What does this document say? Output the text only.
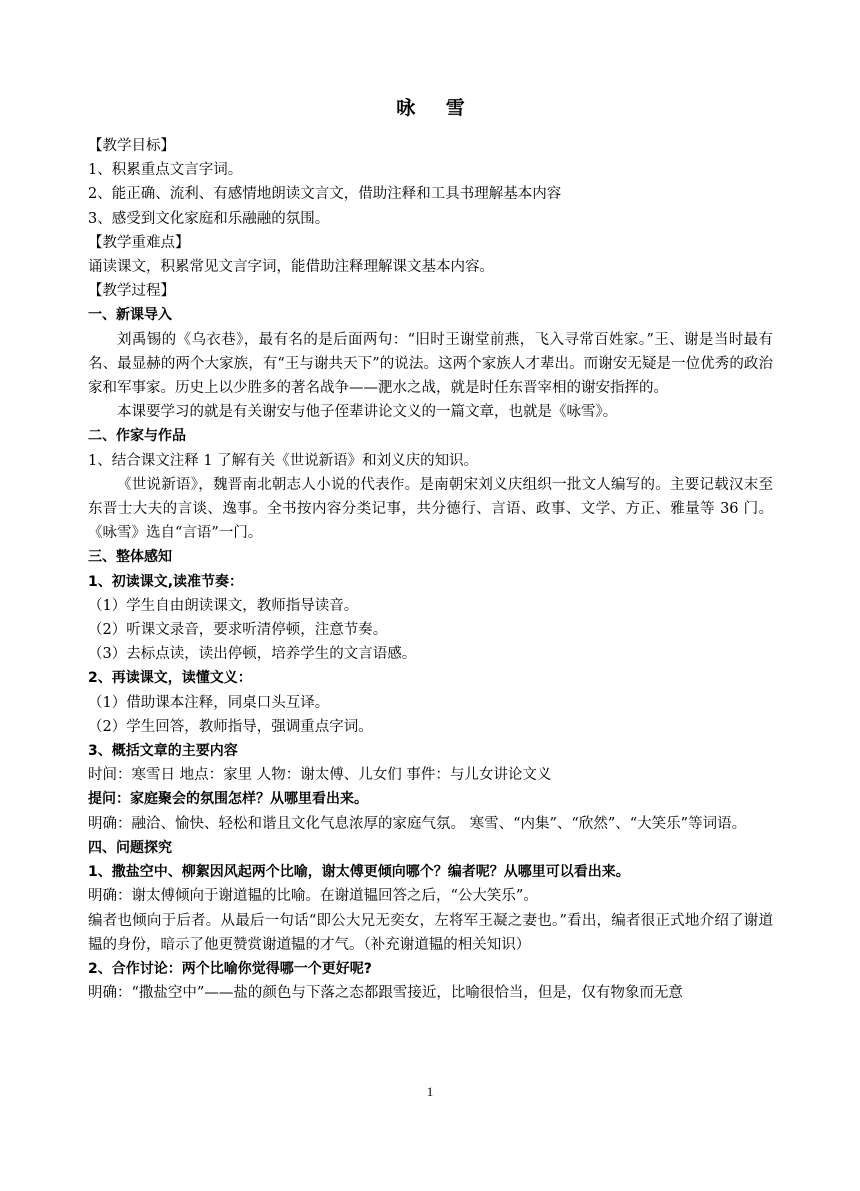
咏 雪

【教学目标】

1、积累重点文言字词。

2、能正确、流利、有感情地朗读文言文，借助注释和工具书理解基本内容

3、感受到文化家庭和乐融融的氛围。

【教学重难点】

诵读课文，积累常见文言字词，能借助注释理解课文基本内容。

【教学过程】

一、新课导入

刘禹锡的《乌衣巷》，最有名的是后面两句：“旧时王谢堂前燕，飞入寻常百姓家。”王、谢是当时最有名、最显赫的两个大家族，有“王与谢共天下”的说法。这两个家族人才辈出。而谢安无疑是一位优秀的政治家和军事家。历史上以少胜多的著名战争——淝水之战，就是时任东晋宰相的谢安指挥的。

本课要学习的就是有关谢安与他子侄辈讲论文义的一篇文章，也就是《咏雪》。

二、作家与作品

1、结合课文注释 1 了解有关《世说新语》和刘义庆的知识。

《世说新语》，魏晋南北朝志人小说的代表作。是南朝宋刘义庆组织一批文人编写的。主要记载汉末至东晋士大夫的言谈、逸事。全书按内容分类记事，共分德行、言语、政事、文学、方正、雅量等 36 门。《咏雪》选自“言语”一门。

三、整体感知

1、初读课文,读准节奏：

（1）学生自由朗读课文，教师指导读音。

（2）听课文录音，要求听清停顿，注意节奏。

（3）去标点读，读出停顿，培养学生的文言语感。

2、再读课文，读懂文义：

（1）借助课本注释，同桌口头互译。

（2）学生回答，教师指导，强调重点字词。

3、概括文章的主要内容

时间：寒雪日 地点：家里 人物：谢太傅、儿女们 事件：与儿女讲论文义

提问：家庭聚会的氛围怎样？从哪里看出来。

明确：融洽、愉快、轻松和谐且文化气息浓厚的家庭气氛。 寒雪、“内集”、“欣然”、“大笑乐”等词语。

四、问题探究

1、撒盐空中、柳絮因风起两个比喻，谢太傅更倾向哪个？编者呢？从哪里可以看出来。

明确：谢太傅倾向于谢道韫的比喻。在谢道韫回答之后，“公大笑乐”。

编者也倾向于后者。从最后一句话“即公大兄无奕女，左将军王凝之妻也。”看出，编者很正式地介绍了谢道韫的身份，暗示了他更赞赏谢道韫的才气。（补充谢道韫的相关知识）

2、合作讨论：两个比喻你觉得哪一个更好呢?

明确：“撒盐空中”——盐的颜色与下落之态都跟雪接近，比喻很恰当，但是，仅有物象而无意

1
